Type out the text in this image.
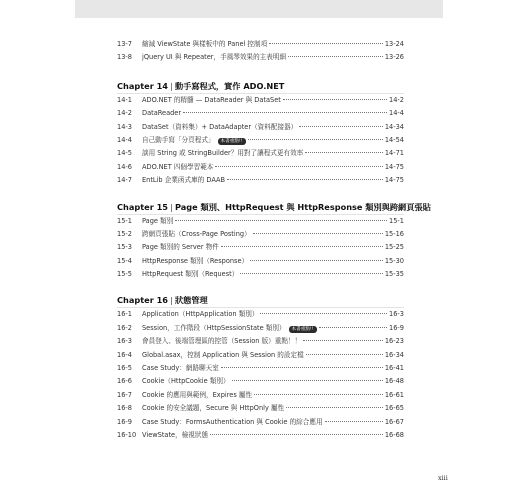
13-7	縮減 ViewState 與樣板中的 Panel 控制項	13-24
13-8	jQuery UI 與 Repeater，手風琴效果的主表明細	13-26
Chapter 14 | 動手寫程式，實作 ADO.NET
14-1	ADO.NET 的精髓 — DataReader 與 DataSet	14-2
14-2	DataReader	14-4
14-3	DataSet（資料集）+ DataAdapter（資料配接器）	14-34
14-4	自己動手寫「分頁程式」	本書重點!!	14-54
14-5	談用 String 或 StringBuilder？用對了讓程式更有效率	14-71
14-6	ADO.NET 四個學習範本	14-75
14-7	EntLib 企業函式庫的 DAAB	14-75
Chapter 15 | Page 類別、HttpRequest 與 HttpResponse 類別與跨網頁張貼
15-1	Page 類別	15-1
15-2	跨網頁張貼（Cross-Page Posting）	15-16
15-3	Page 類別的 Server 物件	15-25
15-4	HttpResponse 類別（Response）	15-30
15-5	HttpRequest 類別（Request）	15-35
Chapter 16 | 狀態管理
16-1	Application（HttpApplication 類別）	16-3
16-2	Session，工作階段（HttpSessionState 類別）	本書重點!!	16-9
16-3	會員登入、後端管理區的控管（Session 版）重點！！	16-23
16-4	Global.asax，控制 Application 與 Session 的設定檔	16-34
16-5	Case Study：網路聊天室	16-41
16-6	Cookie（HttpCookie 類別）	16-48
16-7	Cookie 的應用與範例，Expires 屬性	16-61
16-8	Cookie 的安全議題，Secure 與 HttpOnly 屬性	16-65
16-9	Case Study：FormsAuthentication 與 Cookie 的綜合應用	16-67
16-10 ViewState，檢視狀態	16-68
xiii
